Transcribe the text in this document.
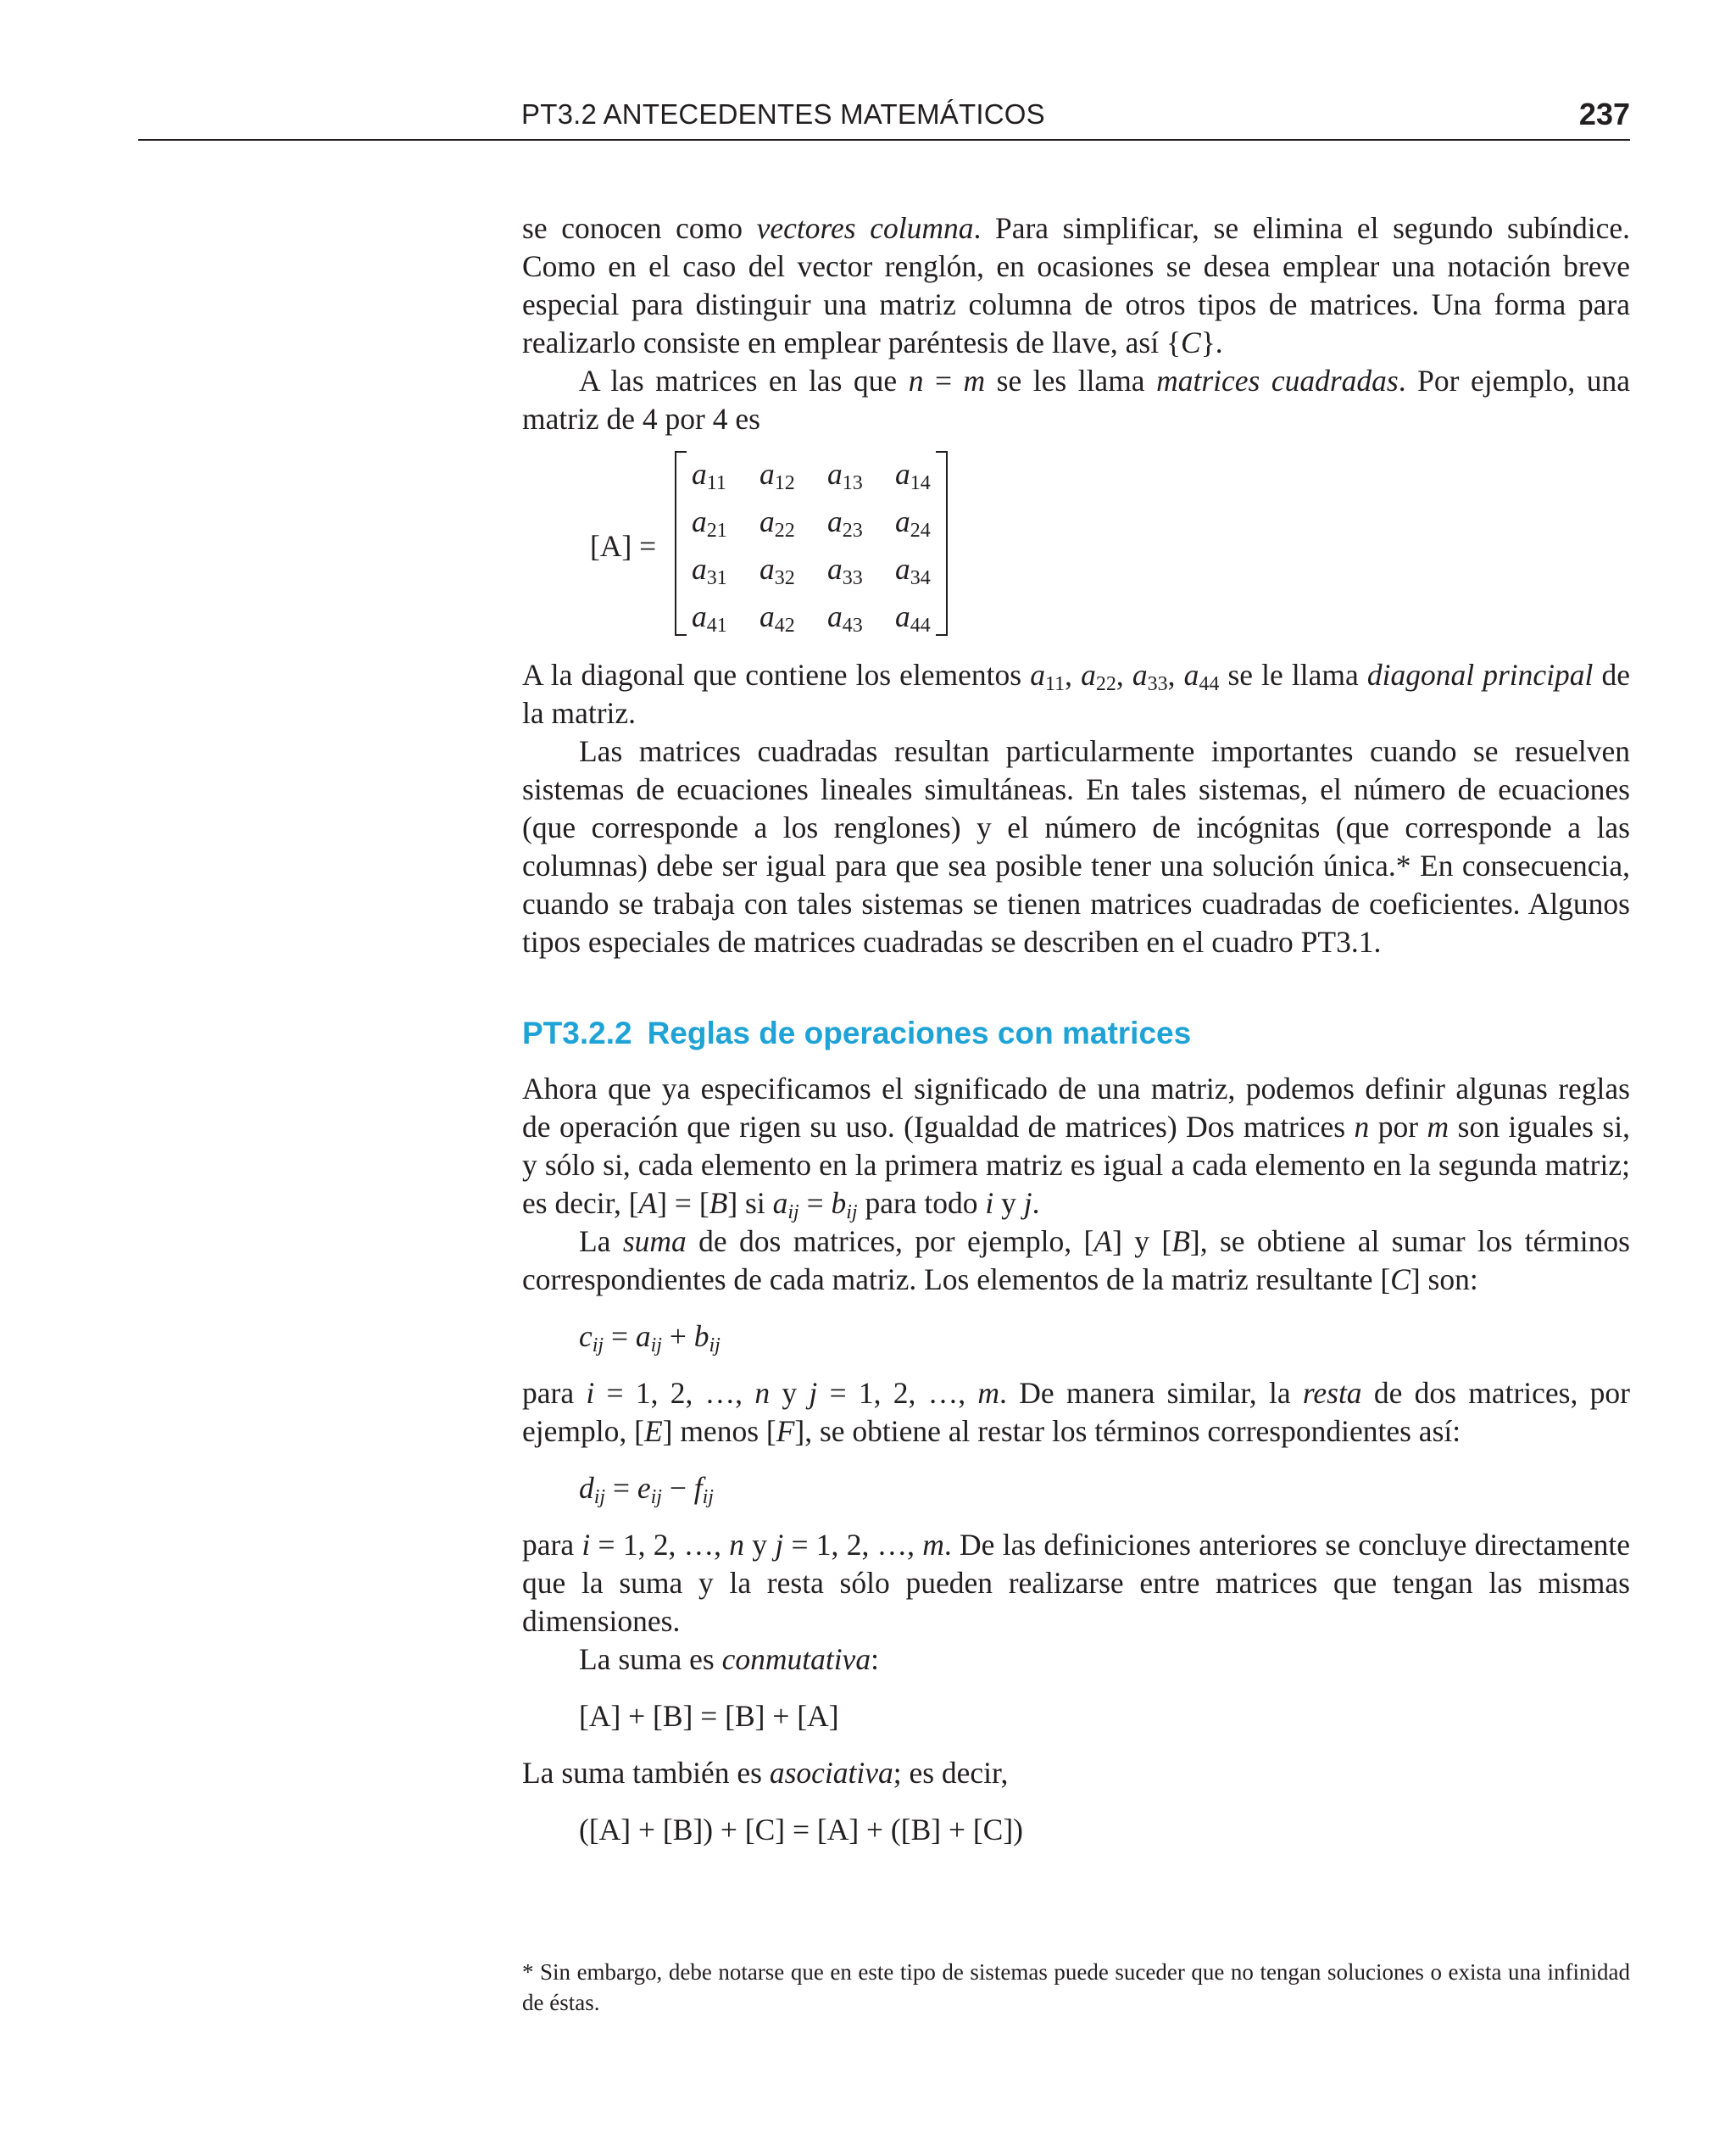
PT3.2 ANTECEDENTES MATEMÁTICOS	237

se conocen como vectores columna. Para simplificar, se elimina el segundo subíndice. Como en el caso del vector renglón, en ocasiones se desea emplear una notación breve especial para distinguir una matriz columna de otros tipos de matrices. Una forma para realizarlo consiste en emplear paréntesis de llave, así {C}.

A las matrices en las que n = m se les llama matrices cuadradas. Por ejemplo, una matriz de 4 por 4 es

[A] =
$a_{11}$	$a_{12}$	$a_{13}$	$a_{14}$
$a_{21}$	$a_{22}$	$a_{23}$	$a_{24}$
$a_{31}$	$a_{32}$	$a_{33}$	$a_{34}$
$a_{41}$	$a_{42}$	$a_{43}$	$a_{44}$

A la diagonal que contiene los elementos $a_{11}$, $a_{22}$, $a_{33}$, $a_{44}$ se le llama diagonal principal de la matriz.

Las matrices cuadradas resultan particularmente importantes cuando se resuelven sistemas de ecuaciones lineales simultáneas. En tales sistemas, el número de ecuaciones (que corresponde a los renglones) y el número de incógnitas (que corresponde a las columnas) debe ser igual para que sea posible tener una solución única.* En consecuencia, cuando se trabaja con tales sistemas se tienen matrices cuadradas de coeficientes. Algunos tipos especiales de matrices cuadradas se describen en el cuadro PT3.1.

PT3.2.2 Reglas de operaciones con matrices

Ahora que ya especificamos el significado de una matriz, podemos definir algunas reglas de operación que rigen su uso. (Igualdad de matrices) Dos matrices n por m son iguales si, y sólo si, cada elemento en la primera matriz es igual a cada elemento en la segunda matriz; es decir, [A] = [B] si $a_{ij} = b_{ij}$ para todo i y j.

La suma de dos matrices, por ejemplo, [A] y [B], se obtiene al sumar los términos correspondientes de cada matriz. Los elementos de la matriz resultante [C] son:

$c_{ij} = a_{ij} + b_{ij}$

para i = 1, 2, …, n y j = 1, 2, …, m. De manera similar, la resta de dos matrices, por ejemplo, [E] menos [F], se obtiene al restar los términos correspondientes así:

$d_{ij} = e_{ij} - f_{ij}$

para i = 1, 2, …, n y j = 1, 2, …, m. De las definiciones anteriores se concluye directamente que la suma y la resta sólo pueden realizarse entre matrices que tengan las mismas dimensiones.

La suma es conmutativa:

[A] + [B] = [B] + [A]

La suma también es asociativa; es decir,

([A] + [B]) + [C] = [A] + ([B] + [C])
* Sin embargo, debe notarse que en este tipo de sistemas puede suceder que no tengan soluciones o exista una infinidad de éstas.
